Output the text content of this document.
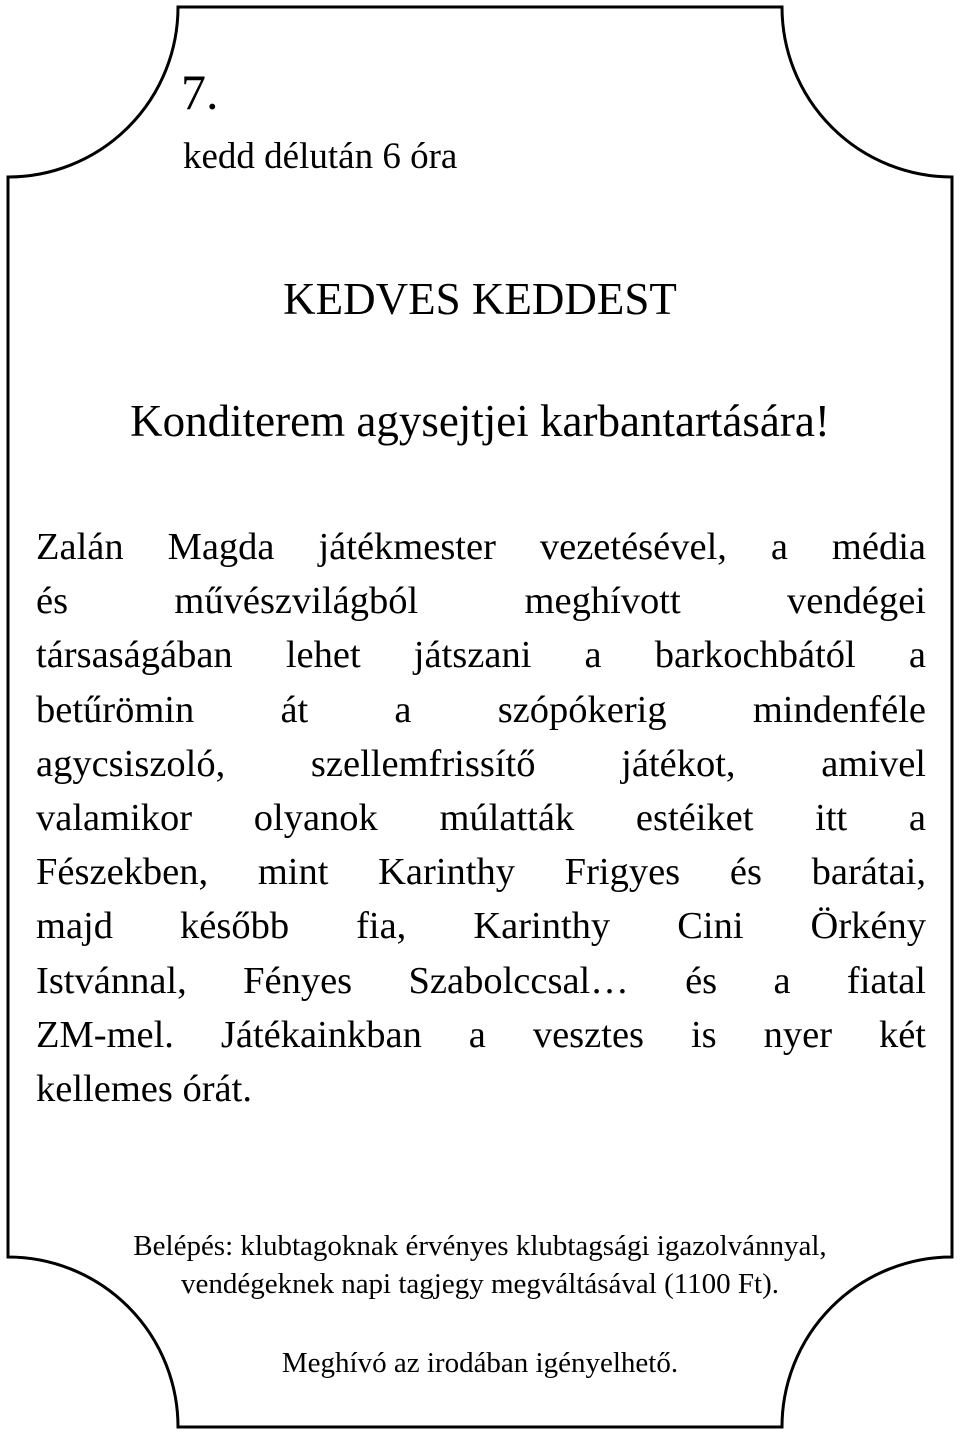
7.
kedd délután 6 óra
KEDVES KEDDEST
Konditerem agysejtjei karbantartására!
Zalán Magda játékmester vezetésével, a média
és művészvilágból meghívott vendégei
társaságában lehet játszani a barkochbától a
betűrömin át a szópókerig mindenféle
agycsiszoló, szellemfrissítő játékot, amivel
valamikor olyanok múlatták estéiket itt a
Fészekben, mint Karinthy Frigyes és barátai,
majd később fia, Karinthy Cini Örkény
Istvánnal, Fényes Szabolccsal… és a fiatal
ZM-mel. Játékainkban a vesztes is nyer két
kellemes órát.
Belépés: klubtagoknak érvényes klubtagsági igazolvánnyal,
vendégeknek napi tagjegy megváltásával (1100 Ft).
Meghívó az irodában igényelhető.
